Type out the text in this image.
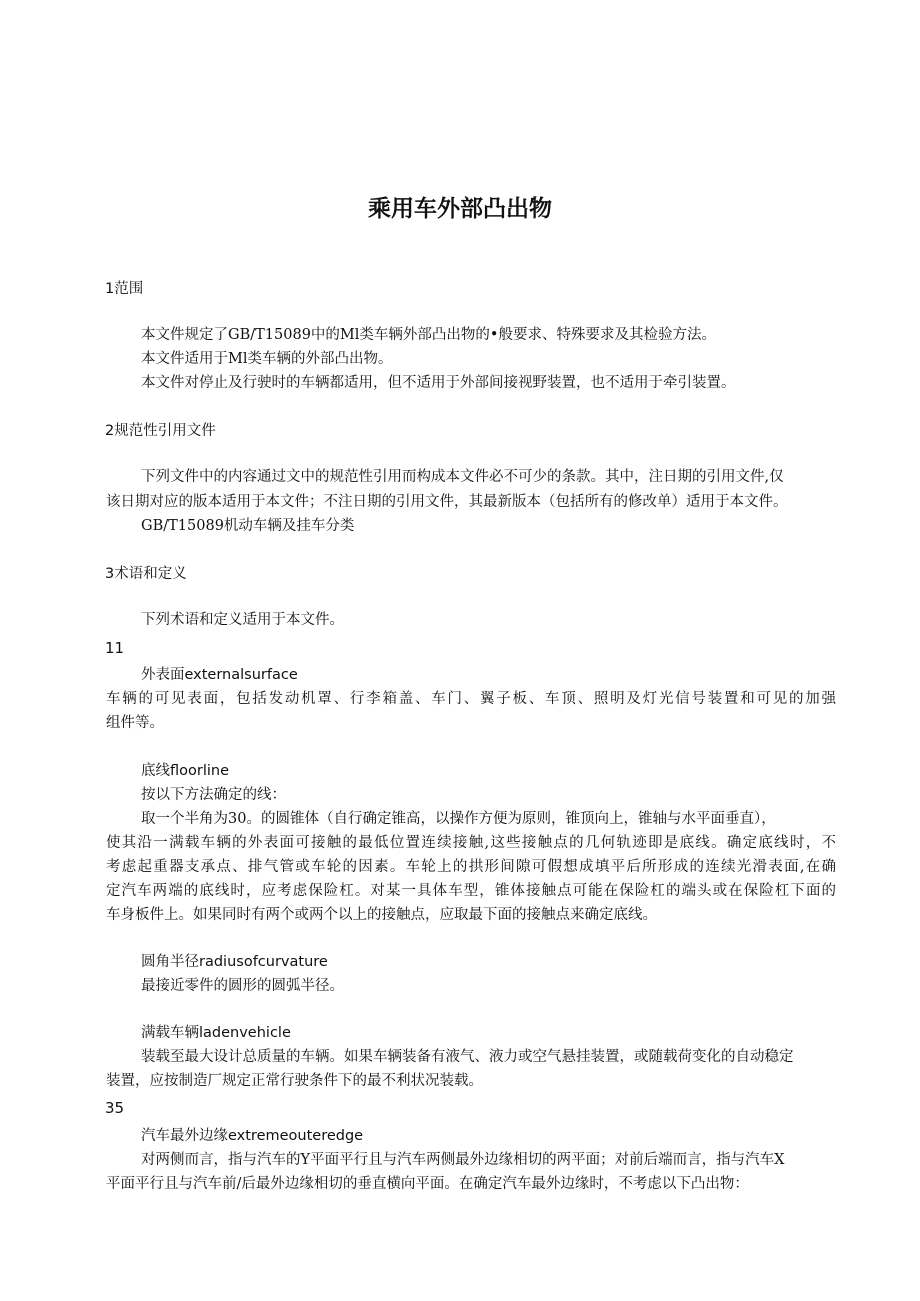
乘用车外部凸出物
1范围
本文件规定了GB/T15089中的Ml类车辆外部凸出物的•般要求、特殊要求及其检验方法。
本文件适用于Ml类车辆的外部凸出物。
本文件对停止及行驶时的车辆都适用，但不适用于外部间接视野装置，也不适用于牵引装置。
2规范性引用文件
下列文件中的内容通过文中的规范性引用而构成本文件必不可少的条款。其中，注日期的引用文件,仅
该日期对应的版本适用于本文件；不注日期的引用文件，其最新版本（包括所有的修改单）适用于本文件。
GB/T15089机动车辆及挂车分类
3术语和定义
下列术语和定义适用于本文件。
11
外表面externalsurface
车辆的可见表面，包括发动机罩、行李箱盖、车门、翼子板、车顶、照明及灯光信号装置和可见的加强
组件等。
底线floorline
按以下方法确定的线：
取一个半角为30。的圆锥体（自行确定锥高，以操作方便为原则，锥顶向上，锥轴与水平面垂直），
使其沿一满载车辆的外表面可接触的最低位置连续接触,这些接触点的几何轨迹即是底线。确定底线时，不
考虑起重器支承点、排气管或车轮的因素。车轮上的拱形间隙可假想成填平后所形成的连续光滑表面,在确
定汽车两端的底线时，应考虑保险杠。对某一具体车型，锥体接触点可能在保险杠的端头或在保险杠下面的
车身板件上。如果同时有两个或两个以上的接触点，应取最下面的接触点来确定底线。
圆角半径radiusofcurvature
最接近零件的圆形的圆弧半径。
满载车辆ladenvehicle
装载至最大设计总质量的车辆。如果车辆装备有液气、液力或空气悬挂装置，或随载荷变化的自动稳定
装置，应按制造厂规定正常行驶条件下的最不利状况装载。
35
汽车最外边缘extremeouteredge
对两侧而言，指与汽车的Y平面平行且与汽车两侧最外边缘相切的两平面；对前后端而言，指与汽车X
平面平行且与汽车前/后最外边缘相切的垂直横向平面。在确定汽车最外边缘时，不考虑以下凸出物：
